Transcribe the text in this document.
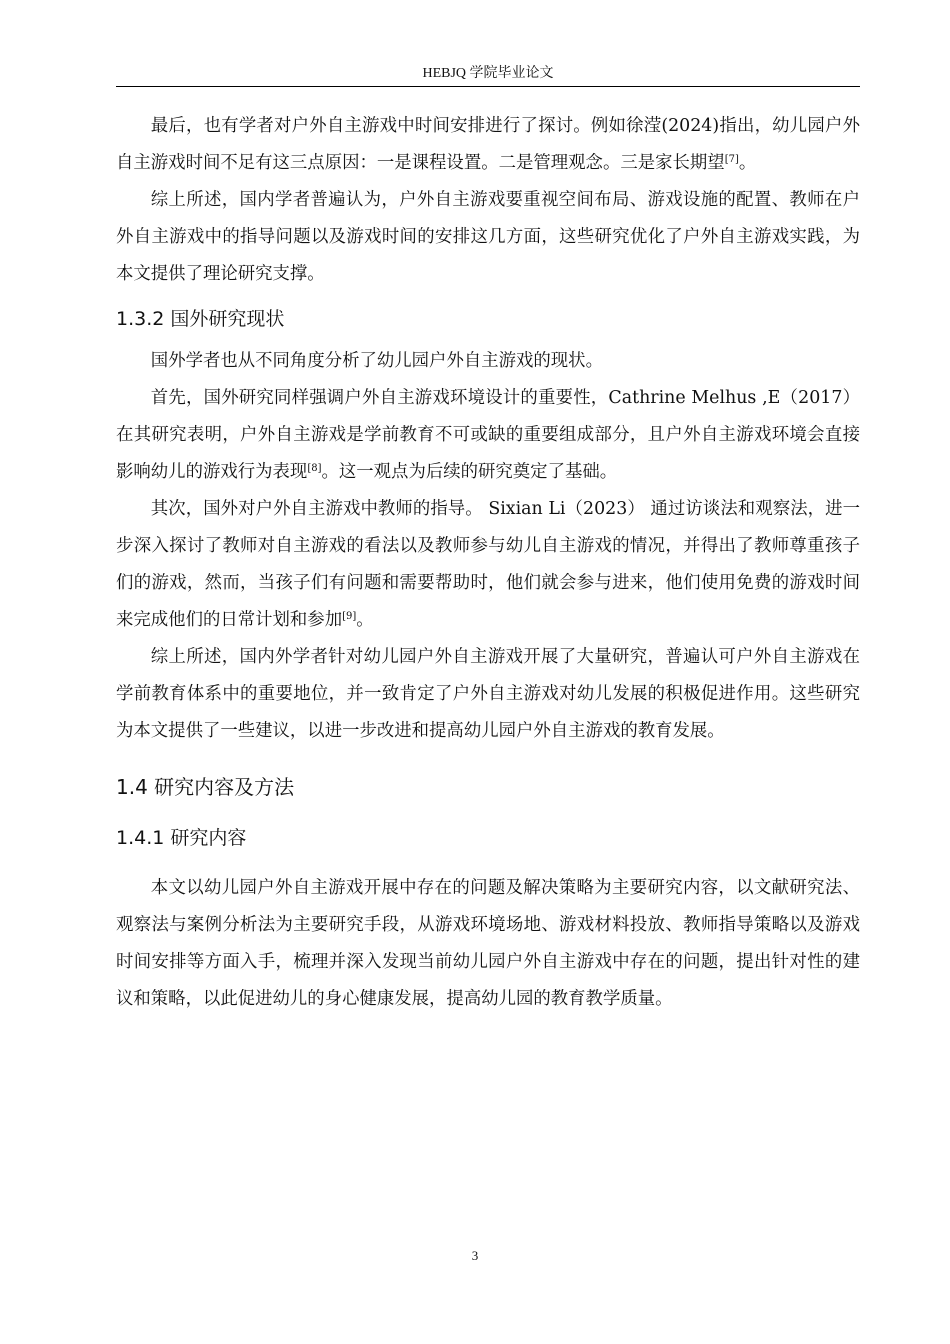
HEBJQ 学院毕业论文

最后，也有学者对户外自主游戏中时间安排进行了探讨。例如徐滢(2024)指出，幼儿园户外自主游戏时间不足有这三点原因：一是课程设置。二是管理观念。三是家长期望[7]。

综上所述，国内学者普遍认为，户外自主游戏要重视空间布局、游戏设施的配置、教师在户外自主游戏中的指导问题以及游戏时间的安排这几方面，这些研究优化了户外自主游戏实践，为本文提供了理论研究支撑。

1.3.2 国外研究现状

国外学者也从不同角度分析了幼儿园户外自主游戏的现状。

首先，国外研究同样强调户外自主游戏环境设计的重要性，Cathrine Melhus ,E（2017）在其研究表明，户外自主游戏是学前教育不可或缺的重要组成部分，且户外自主游戏环境会直接影响幼儿的游戏行为表现[8]。这一观点为后续的研究奠定了基础。

其次，国外对户外自主游戏中教师的指导。 Sixian Li（2023） 通过访谈法和观察法，进一步深入探讨了教师对自主游戏的看法以及教师参与幼儿自主游戏的情况，并得出了教师尊重孩子们的游戏，然而，当孩子们有问题和需要帮助时，他们就会参与进来，他们使用免费的游戏时间来完成他们的日常计划和参加[9]。

综上所述，国内外学者针对幼儿园户外自主游戏开展了大量研究，普遍认可户外自主游戏在学前教育体系中的重要地位，并一致肯定了户外自主游戏对幼儿发展的积极促进作用。这些研究为本文提供了一些建议，以进一步改进和提高幼儿园户外自主游戏的教育发展。

1.4 研究内容及方法
1.4.1 研究内容

本文以幼儿园户外自主游戏开展中存在的问题及解决策略为主要研究内容，以文献研究法、观察法与案例分析法为主要研究手段，从游戏环境场地、游戏材料投放、教师指导策略以及游戏时间安排等方面入手，梳理并深入发现当前幼儿园户外自主游戏中存在的问题，提出针对性的建议和策略，以此促进幼儿的身心健康发展，提高幼儿园的教育教学质量。

3
